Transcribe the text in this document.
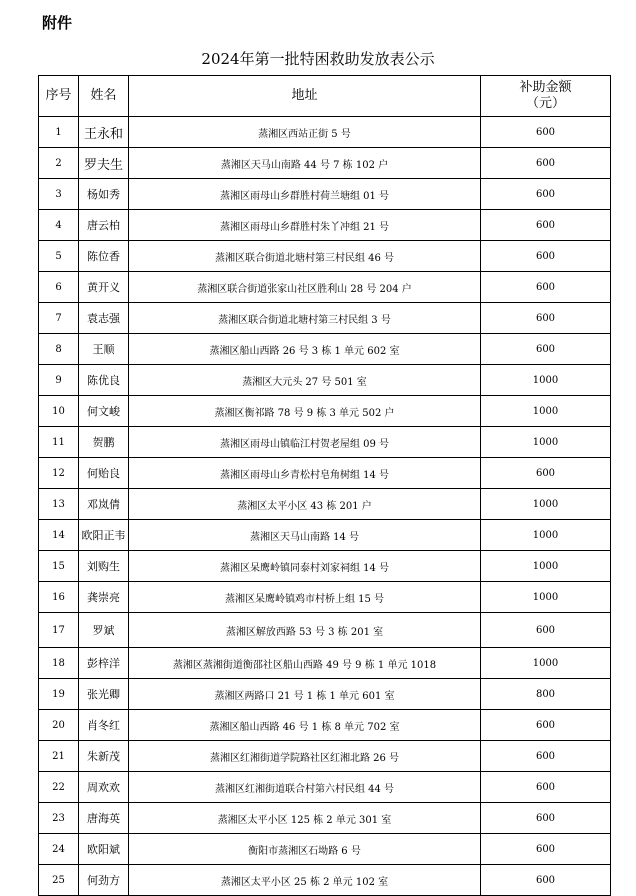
附件
2024年第一批特困救助发放表公示
序号	姓名	地址	补助金额
（元）

1	王永和	蒸湘区西站正街 5 号	600
2	罗夫生	蒸湘区天马山南路 44 号 7 栋 102 户	600
3	杨如秀	蒸湘区雨母山乡群胜村荷兰塘组 01 号	600
4	唐云柏	蒸湘区雨母山乡群胜村朱丫冲组 21 号	600
5	陈位香	蒸湘区联合街道北塘村第三村民组 46 号	600
6	黄开义	蒸湘区联合街道张家山社区胜利山 28 号 204 户	600
7	袁志强	蒸湘区联合街道北塘村第三村民组 3 号	600
8	王顺	蒸湘区船山西路 26 号 3 栋 1 单元 602 室	600
9	陈优良	蒸湘区大元头 27 号 501 室	1000
10	何文峻	蒸湘区衡祁路 78 号 9 栋 3 单元 502 户	1000
11	贺鹏	蒸湘区雨母山镇临江村贺老屋组 09 号	1000
12	何贻良	蒸湘区雨母山乡青松村皂角树组 14 号	600
13	邓岚倩	蒸湘区太平小区 43 栋 201 户	1000
14	欧阳正韦	蒸湘区天马山南路 14 号	1000
15	刘购生	蒸湘区呆鹰岭镇同泰村刘家祠组 14 号	1000
16	龚崇亮	蒸湘区呆鹰岭镇鸡市村桥上组 15 号	1000
17	罗斌	蒸湘区解放西路 53 号 3 栋 201 室	600
18	彭梓洋	蒸湘区蒸湘街道衡邵社区船山西路 49 号 9 栋 1 单元 1018	1000
19	张光卿	蒸湘区两路口 21 号 1 栋 1 单元 601 室	800
20	肖冬红	蒸湘区船山西路 46 号 1 栋 8 单元 702 室	600
21	朱新茂	蒸湘区红湘街道学院路社区红湘北路 26 号	600
22	周欢欢	蒸湘区红湘街道联合村第六村民组 44 号	600
23	唐海英	蒸湘区太平小区 125 栋 2 单元 301 室	600
24	欧阳斌	衡阳市蒸湘区石坳路 6 号	600
25	何劲方	蒸湘区太平小区 25 栋 2 单元 102 室	600
